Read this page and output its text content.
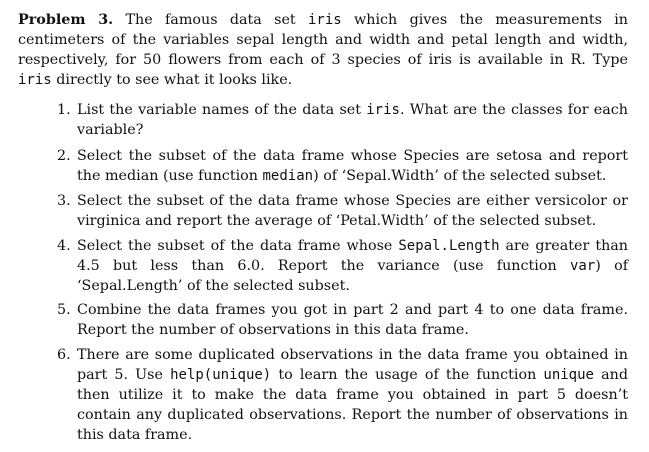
Problem 3. The famous data set iris which gives the measurements in centimeters of the variables sepal length and width and petal length and width, respectively, for 50 flowers from each of 3 species of iris is available in R. Type iris directly to see what it looks like.
1. List the variable names of the data set iris. What are the classes for each variable?
2. Select the subset of the data frame whose Species are setosa and report the median (use function median) of ‘Sepal.Width’ of the selected subset.
3. Select the subset of the data frame whose Species are either versicolor or virginica and report the average of ‘Petal.Width’ of the selected subset.
4. Select the subset of the data frame whose Sepal.Length are greater than 4.5 but less than 6.0. Report the variance (use function var) of ‘Sepal.Length’ of the selected subset.
5. Combine the data frames you got in part 2 and part 4 to one data frame. Report the number of observations in this data frame.
6. There are some duplicated observations in the data frame you obtained in part 5. Use help(unique) to learn the usage of the function unique and then utilize it to make the data frame you obtained in part 5 doesn’t contain any duplicated observations. Report the number of observations in this data frame.
